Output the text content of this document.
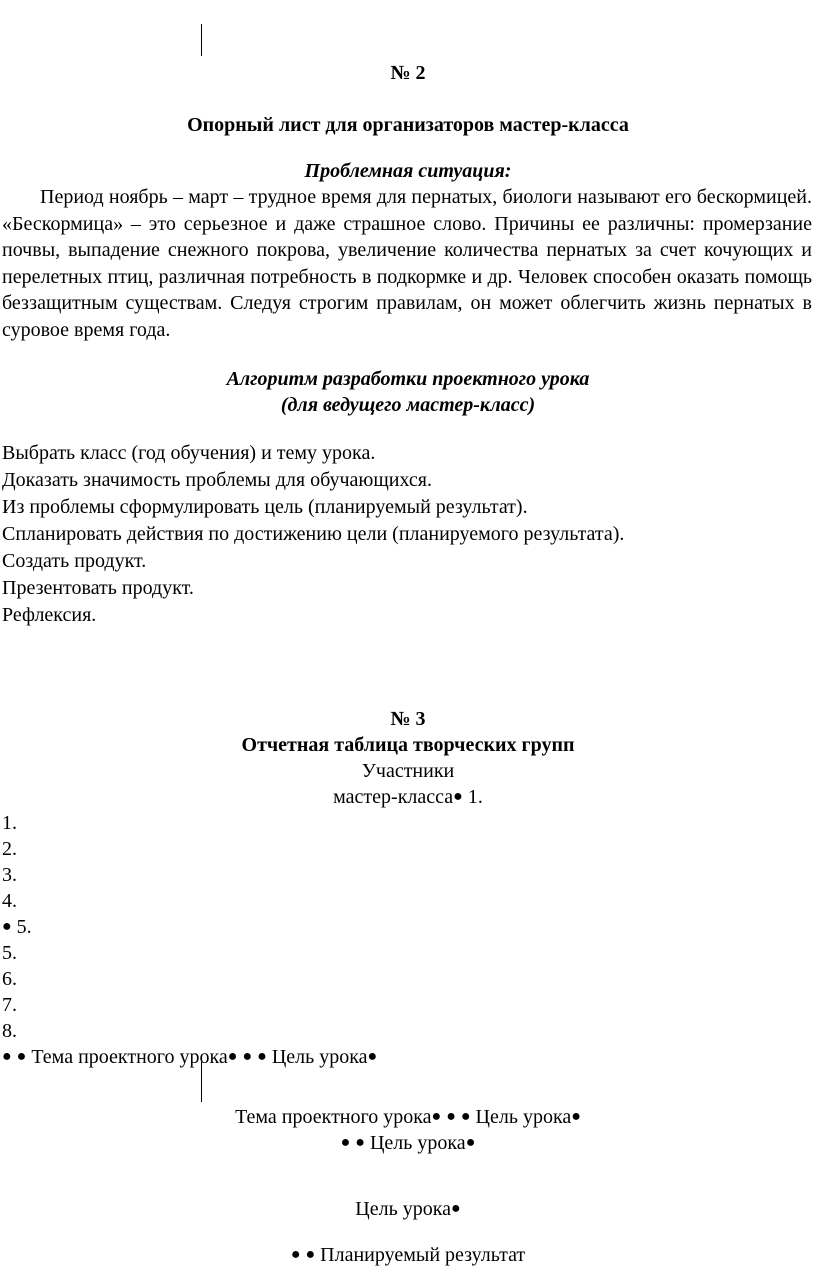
№ 2
Опорный лист для организаторов мастер-класса
Проблемная ситуация:
Период ноябрь – март – трудное время для пернатых, биологи называют его бескормицей. «Бескормица» – это серьезное и даже страшное слово. Причины ее различны: промерзание почвы, выпадение снежного покрова, увеличение количества пернатых за счет кочующих и перелетных птиц, различная потребность в подкормке и др. Человек способен оказать помощь беззащитным существам. Следуя строгим правилам, он может облегчить жизнь пернатых в суровое время года.
Алгоритм разработки проектного урока
(для ведущего мастер-класс)
Выбрать класс (год обучения) и тему урока.
Доказать значимость проблемы для обучающихся.
Из проблемы сформулировать цель (планируемый результат).
Спланировать действия по достижению цели (планируемого результата).
Создать продукт.
Презентовать продукт.
Рефлексия.
№ 3
Отчетная таблица творческих групп
Участники
мастер-класса● 1.
1.
2.
3.
4.
● 5.
5.
6.
7.
8.
● ● Тема проектного урока● ● ● Цель урока●
Тема проектного урока● ● ● Цель урока●
● ● Цель урока●
Цель урока●
● ● Планируемый результат
